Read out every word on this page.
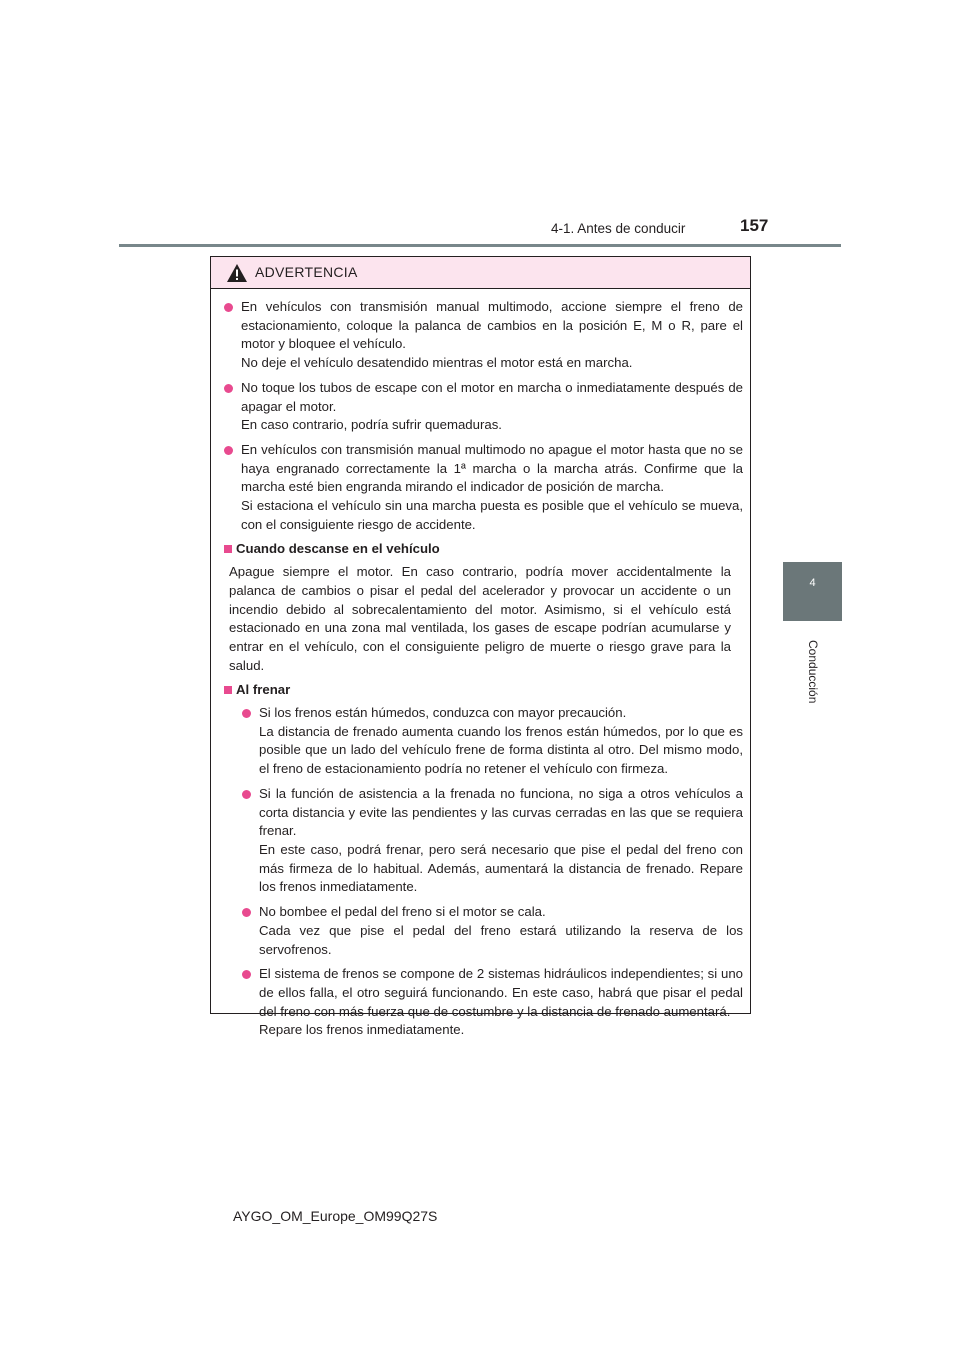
4-1. Antes de conducir	157
4
Conducción
ADVERTENCIA
En vehículos con transmisión manual multimodo, accione siempre el freno de estacionamiento, coloque la palanca de cambios en la posición E, M o R, pare el motor y bloquee el vehículo.
No deje el vehículo desatendido mientras el motor está en marcha.
No toque los tubos de escape con el motor en marcha o inmediatamente después de apagar el motor.
En caso contrario, podría sufrir quemaduras.
En vehículos con transmisión manual multimodo no apague el motor hasta que no se haya engranado correctamente la 1ª marcha o la marcha atrás. Confirme que la marcha esté bien engranda mirando el indicador de posición de marcha.
Si estaciona el vehículo sin una marcha puesta es posible que el vehículo se mueva, con el consiguiente riesgo de accidente.
Cuando descanse en el vehículo
Apague siempre el motor. En caso contrario, podría mover accidentalmente la palanca de cambios o pisar el pedal del acelerador y provocar un accidente o un incendio debido al sobrecalentamiento del motor. Asimismo, si el vehículo está estacionado en una zona mal ventilada, los gases de escape podrían acumularse y entrar en el vehículo, con el consiguiente peligro de muerte o riesgo grave para la salud.
Al frenar
Si los frenos están húmedos, conduzca con mayor precaución.
La distancia de frenado aumenta cuando los frenos están húmedos, por lo que es posible que un lado del vehículo frene de forma distinta al otro. Del mismo modo, el freno de estacionamiento podría no retener el vehículo con firmeza.
Si la función de asistencia a la frenada no funciona, no siga a otros vehículos a corta distancia y evite las pendientes y las curvas cerradas en las que se requiera frenar.
En este caso, podrá frenar, pero será necesario que pise el pedal del freno con más firmeza de lo habitual. Además, aumentará la distancia de frenado. Repare los frenos inmediatamente.
No bombee el pedal del freno si el motor se cala.
Cada vez que pise el pedal del freno estará utilizando la reserva de los servofrenos.
El sistema de frenos se compone de 2 sistemas hidráulicos independientes; si uno de ellos falla, el otro seguirá funcionando. En este caso, habrá que pisar el pedal del freno con más fuerza que de costumbre y la distancia de frenado aumentará.
Repare los frenos inmediatamente.
AYGO_OM_Europe_OM99Q27S
